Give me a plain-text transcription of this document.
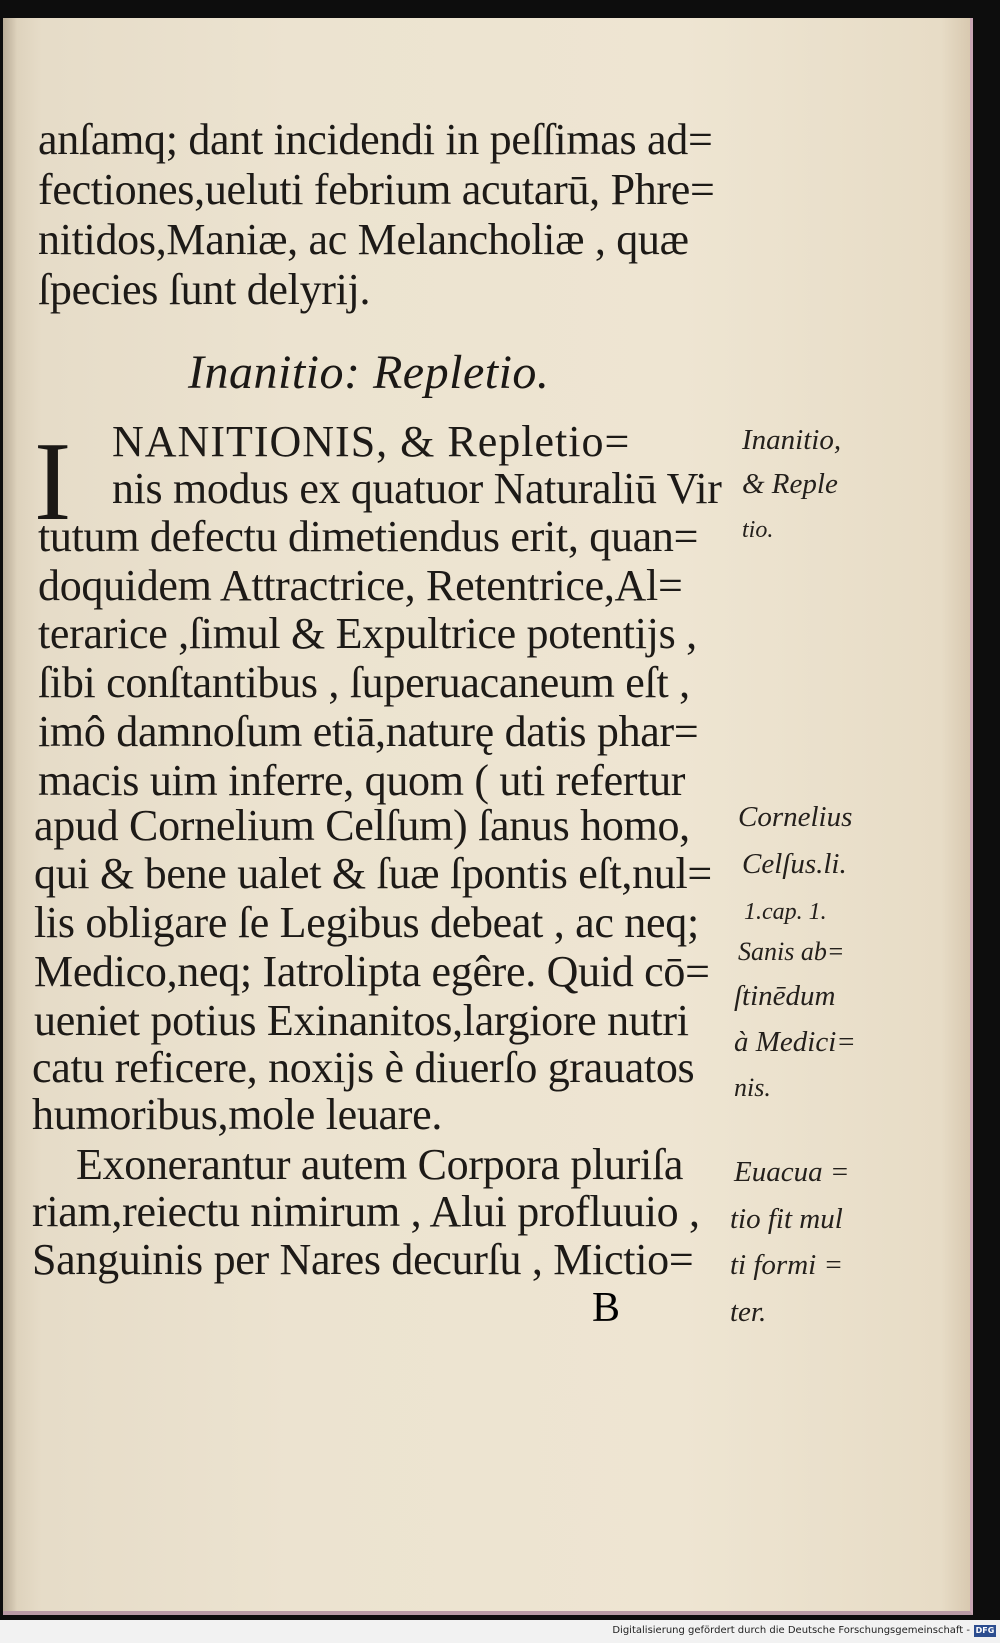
anſamq; dant incidendi in peſſimas ad=
fectiones,ueluti febrium acutarū, Phre=
nitidos,Maniæ, ac Melancholiæ , quæ
ſpecies ſunt delyrij.
Inanitio: Repletio.
I NANITIONIS, & Repletio=
nis modus ex quatuor Naturaliū Vir
tutum defectu dimetiendus erit, quan=
doquidem Attractrice, Retentrice,Al=
terarice ,ſimul & Expultrice potentijs ,
ſibi conſtantibus , ſuperuacaneum eſt ,
imô damnoſum etiā,naturę datis phar=
macis uim inferre, quom ( uti refertur
apud Cornelium Celſum) ſanus homo,
qui & bene ualet & ſuæ ſpontis eſt,nul=
lis obligare ſe Legibus debeat , ac neq;
Medico,neq; Iatrolipta egêre. Quid cō=
ueniet potius Exinanitos,largiore nutri
catu reficere, noxijs è diuerſo grauatos
humoribus,mole leuare.
Exonerantur autem Corpora pluriſa
riam,reiectu nimirum , Alui profluuio ,
Sanguinis per Nares decurſu , Mictio=
B
Inanitio,
& Reple
tio.
Cornelius
Celſus.li.
1.cap. 1.
Sanis ab=
ſtinēdum
à Medici=
nis.
Euacua =
tio fit mul
ti formi =
ter.
Digitalisierung gefördert durch die Deutsche Forschungsgemeinschaft - DFG
